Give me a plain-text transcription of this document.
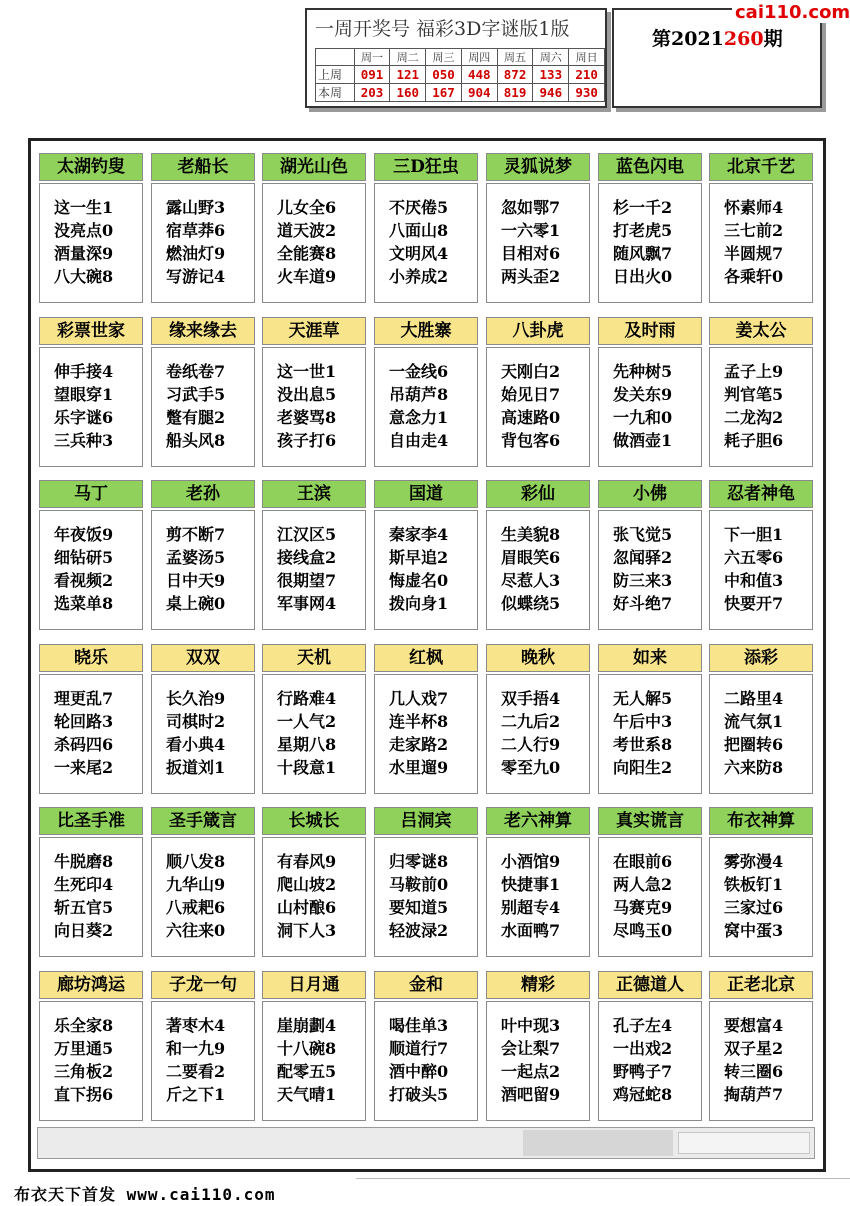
一周开奖号 福彩3D字谜版1版
	周一	周二	周三	周四	周五	周六	周日
上周	091	121	050	448	872	133	210
本周	203	160	167	904	819	946	930
第2021260期
cai110.com
太湖钓叟
这一生1
没亮点0
酒量深9
八大碗8
老船长
露山野3
宿草莽6
燃油灯9
写游记4
湖光山色
儿女全6
道天波2
全能赛8
火车道9
三D狂虫
不厌倦5
八面山8
文明风4
小养成2
灵狐说梦
忽如鄂7
一六零1
目相对6
两头歪2
蓝色闪电
杉一千2
打老虎5
随风飘7
日出火0
北京千艺
怀素师4
三七前2
半圆规7
各乘轩0
彩票世家
伸手接4
望眼穿1
乐字谜6
三兵种3
缘来缘去
卷纸卷7
习武手5
蹩有腿2
船头风8
天涯草
这一世1
没出息5
老婆骂8
孩子打6
大胜寨
一金线6
吊葫芦8
意念力1
自由走4
八卦虎
天刚白2
始见日7
高速路0
背包客6
及时雨
先种树5
发关东9
一九和0
做酒壶1
姜太公
孟子上9
判官笔5
二龙沟2
耗子胆6
马丁
年夜饭9
细钻研5
看视频2
选菜单8
老孙
剪不断7
孟婆汤5
日中天9
桌上碗0
王滨
江汉区5
接线盒2
很期望7
军事网4
国道
秦家李4
斯早追2
悔虚名0
拨向身1
彩仙
生美貌8
眉眼笑6
尽惹人3
似蝶绕5
小佛
张飞觉5
忽闻驿2
防三来3
好斗绝7
忍者神龟
下一胆1
六五零6
中和值3
快要开7
晓乐
理更乱7
轮回路3
杀码四6
一来尾2
双双
长久治9
司棋时2
看小典4
扳道刘1
天机
行路难4
一人气2
星期八8
十段意1
红枫
几人戏7
连半杯8
走家路2
水里遛9
晚秋
双手捂4
二九后2
二人行9
零至九0
如来
无人解5
午后中3
考世系8
向阳生2
添彩
二路里4
流气氛1
把圈转6
六来防8
比圣手准
牛脱磨8
生死印4
斩五官5
向日葵2
圣手箴言
顺八发8
九华山9
八戒耙6
六往来0
长城长
有春风9
爬山坡2
山村酿6
洞下人3
吕洞宾
归零谜8
马鞍前0
要知道5
轻波渌2
老六神算
小酒馆9
快捷事1
别超专4
水面鸭7
真实谎言
在眼前6
两人急2
马赛克9
尽鸣玉0
布衣神算
雾弥漫4
铁板钉1
三家过6
窝中蛋3
廊坊鸿运
乐全家8
万里通5
三角板2
直下拐6
子龙一句
著枣木4
和一九9
二要看2
斤之下1
日月通
崖崩劃4
十八碗8
配零五5
天气晴1
金和
喝佳单3
顺道行7
酒中醉0
打破头5
精彩
叶中现3
会让梨7
一起点2
酒吧留9
正德道人
孔子左4
一出戏2
野鸭子7
鸡冠蛇8
正老北京
要想富4
双子星2
转三圈6
掏葫芦7
布衣天下首发 www.cai110.com
